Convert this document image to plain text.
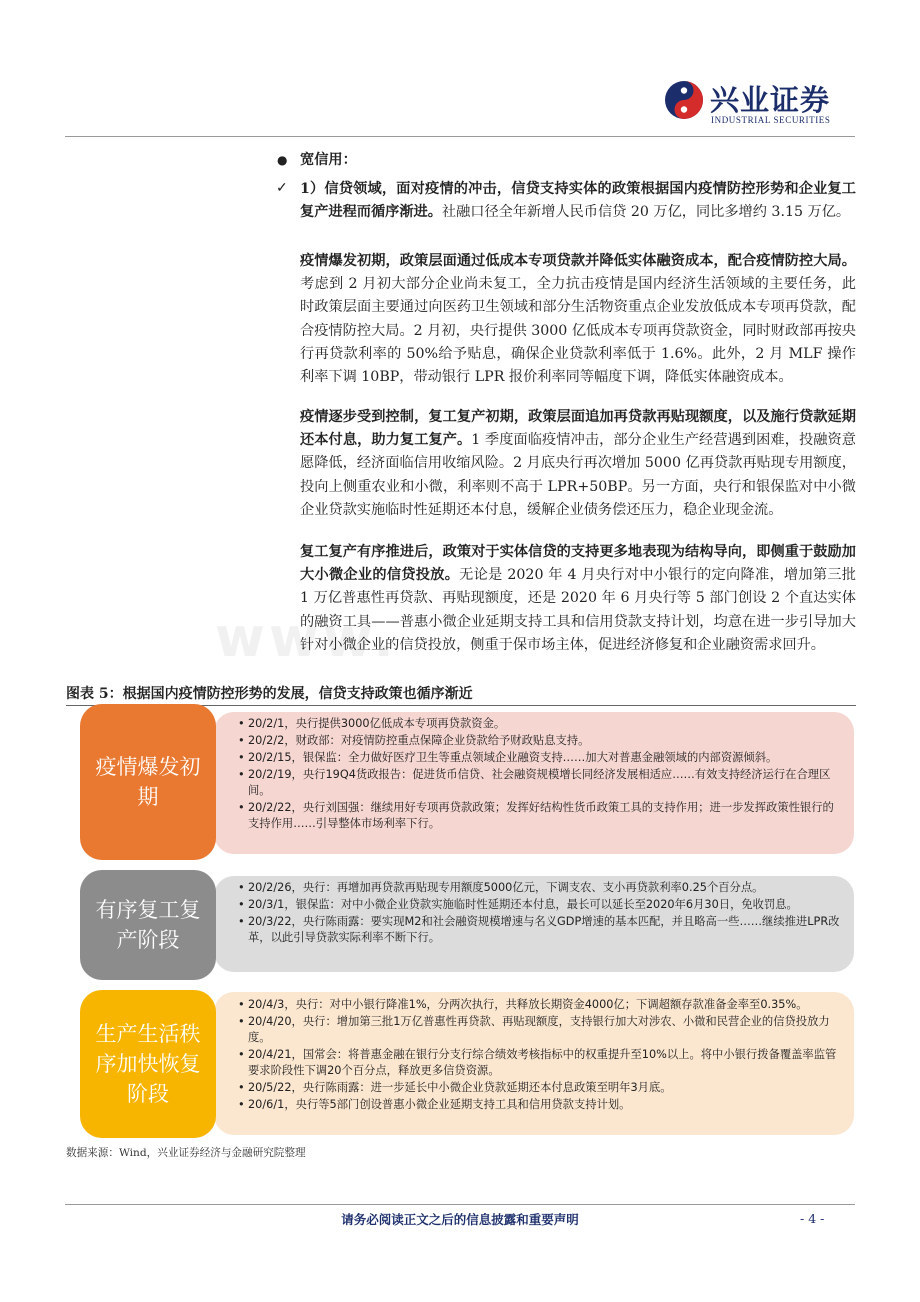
兴业证券
INDUSTRIAL SECURITIES
www.
● 宽信用：
✓ 1）信贷领域，面对疫情的冲击，信贷支持实体的政策根据国内疫情防控形势和企业复工复产进程而循序渐进。社融口径全年新增人民币信贷 20 万亿，同比多增约 3.15 万亿。
疫情爆发初期，政策层面通过低成本专项贷款并降低实体融资成本，配合疫情防控大局。考虑到 2 月初大部分企业尚未复工，全力抗击疫情是国内经济生活领域的主要任务，此时政策层面主要通过向医药卫生领域和部分生活物资重点企业发放低成本专项再贷款，配合疫情防控大局。2 月初，央行提供 3000 亿低成本专项再贷款资金，同时财政部再按央行再贷款利率的 50%给予贴息，确保企业贷款利率低于 1.6%。此外，2 月 MLF 操作利率下调 10BP，带动银行 LPR 报价利率同等幅度下调，降低实体融资成本。
疫情逐步受到控制，复工复产初期，政策层面追加再贷款再贴现额度，以及施行贷款延期还本付息，助力复工复产。1 季度面临疫情冲击，部分企业生产经营遇到困难，投融资意愿降低，经济面临信用收缩风险。2 月底央行再次增加 5000 亿再贷款再贴现专用额度，投向上侧重农业和小微，利率则不高于 LPR+50BP。另一方面，央行和银保监对中小微企业贷款实施临时性延期还本付息，缓解企业债务偿还压力，稳企业现金流。
复工复产有序推进后，政策对于实体信贷的支持更多地表现为结构导向，即侧重于鼓励加大小微企业的信贷投放。无论是 2020 年 4 月央行对中小银行的定向降准，增加第三批 1 万亿普惠性再贷款、再贴现额度，还是 2020 年 6 月央行等 5 部门创设 2 个直达实体的融资工具——普惠小微企业延期支持工具和信用贷款支持计划，均意在进一步引导加大针对小微企业的信贷投放，侧重于保市场主体，促进经济修复和企业融资需求回升。
图表 5：根据国内疫情防控形势的发展，信贷支持政策也循序渐近
• 20/2/1，央行提供3000亿低成本专项再贷款资金。
• 20/2/2，财政部：对疫情防控重点保障企业贷款给予财政贴息支持。
• 20/2/15，银保监：全力做好医疗卫生等重点领域企业融资支持……加大对普惠金融领域的内部资源倾斜。
• 20/2/19，央行19Q4货政报告：促进货币信贷、社会融资规模增长同经济发展相适应……有效支持经济运行在合理区间。
• 20/2/22，央行刘国强：继续用好专项再贷款政策；发挥好结构性货币政策工具的支持作用；进一步发挥政策性银行的支持作用……引导整体市场利率下行。
疫情爆发初期
• 20/2/26，央行：再增加再贷款再贴现专用额度5000亿元，下调支农、支小再贷款利率0.25个百分点。
• 20/3/1，银保监：对中小微企业贷款实施临时性延期还本付息，最长可以延长至2020年6月30日，免收罚息。
• 20/3/22，央行陈雨露：要实现M2和社会融资规模增速与名义GDP增速的基本匹配，并且略高一些……继续推进LPR改革，以此引导贷款实际利率不断下行。
有序复工复产阶段
• 20/4/3，央行：对中小银行降准1%，分两次执行，共释放长期资金4000亿；下调超额存款准备金率至0.35%。
• 20/4/20，央行：增加第三批1万亿普惠性再贷款、再贴现额度，支持银行加大对涉农、小微和民营企业的信贷投放力度。
• 20/4/21，国常会：将普惠金融在银行分支行综合绩效考核指标中的权重提升至10%以上。将中小银行拨备覆盖率监管要求阶段性下调20个百分点，释放更多信贷资源。
• 20/5/22，央行陈雨露：进一步延长中小微企业贷款延期还本付息政策至明年3月底。
• 20/6/1，央行等5部门创设普惠小微企业延期支持工具和信用贷款支持计划。
生产生活秩序加快恢复阶段
数据来源：Wind，兴业证券经济与金融研究院整理
请务必阅读正文之后的信息披露和重要声明	- 4 -
